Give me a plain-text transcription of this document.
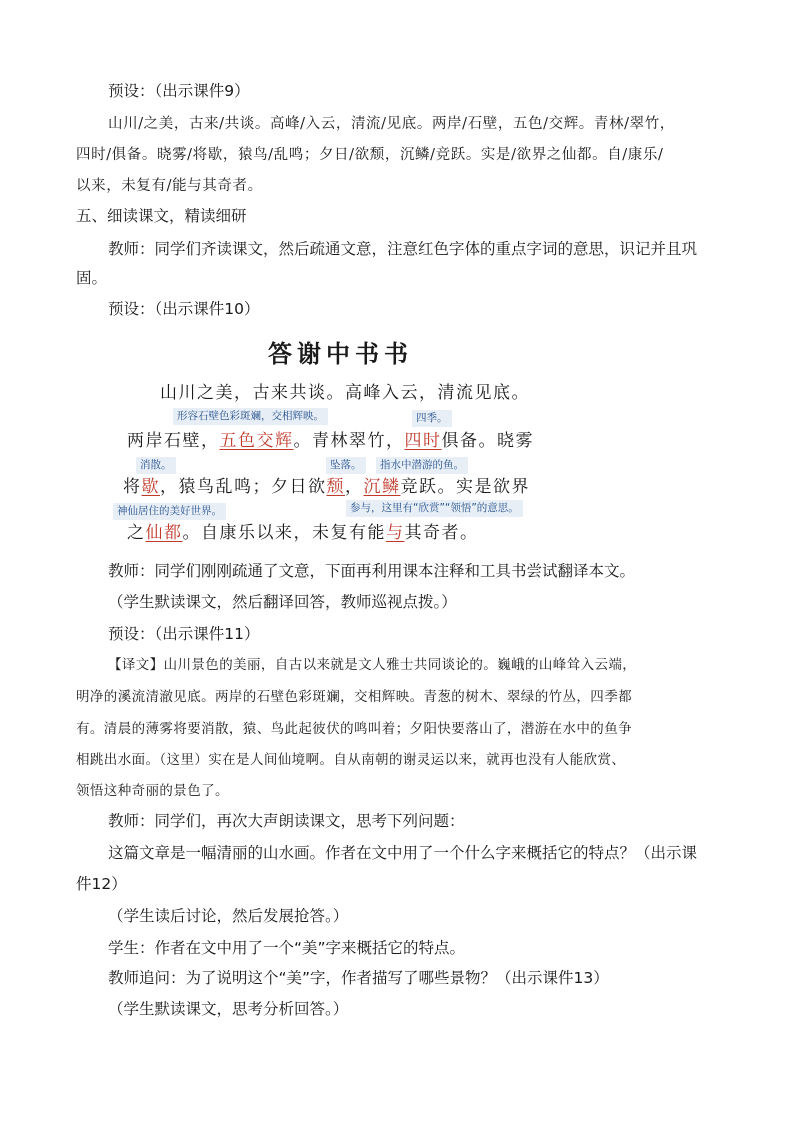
预设：（出示课件9）
山川/之美，古来/共谈。高峰/入云，清流/见底。两岸/石壁，五色/交辉。青林/翠竹，
四时/俱备。晓雾/将歇，猿鸟/乱鸣；夕日/欲颓，沉鳞/竞跃。实是/欲界之仙都。自/康乐/
以来，未复有/能与其奇者。
五、细读课文，精读细研
教师：同学们齐读课文，然后疏通文意，注意红色字体的重点字词的意思，识记并且巩
固。
预设：（出示课件10）
答谢中书书
山川之美，古来共谈。高峰入云，清流见底。
形容石壁色彩斑斓，交相辉映。	四季。
两岸石壁，五色交辉。青林翠竹，四时俱备。晓雾
消散。	坠落。	指水中潜游的鱼。
将歇，猿鸟乱鸣；夕日欲颓，沉鳞竞跃。实是欲界
神仙居住的美好世界。	参与，这里有“欣赏”“领悟”的意思。
之仙都。自康乐以来，未复有能与其奇者。
教师：同学们刚刚疏通了文意，下面再利用课本注释和工具书尝试翻译本文。
（学生默读课文，然后翻译回答，教师巡视点拨。）
预设：（出示课件11）
【译文】山川景色的美丽，自古以来就是文人雅士共同谈论的。巍峨的山峰耸入云端，
明净的溪流清澈见底。两岸的石壁色彩斑斓，交相辉映。青葱的树木、翠绿的竹丛，四季都
有。清晨的薄雾将要消散，猿、鸟此起彼伏的鸣叫着；夕阳快要落山了，潜游在水中的鱼争
相跳出水面。（这里）实在是人间仙境啊。自从南朝的谢灵运以来，就再也没有人能欣赏、
领悟这种奇丽的景色了。
教师：同学们，再次大声朗读课文，思考下列问题：
这篇文章是一幅清丽的山水画。作者在文中用了一个什么字来概括它的特点？（出示课
件12）
（学生读后讨论，然后发展抢答。）
学生：作者在文中用了一个“美”字来概括它的特点。
教师追问：为了说明这个“美”字，作者描写了哪些景物？（出示课件13）
（学生默读课文，思考分析回答。）
